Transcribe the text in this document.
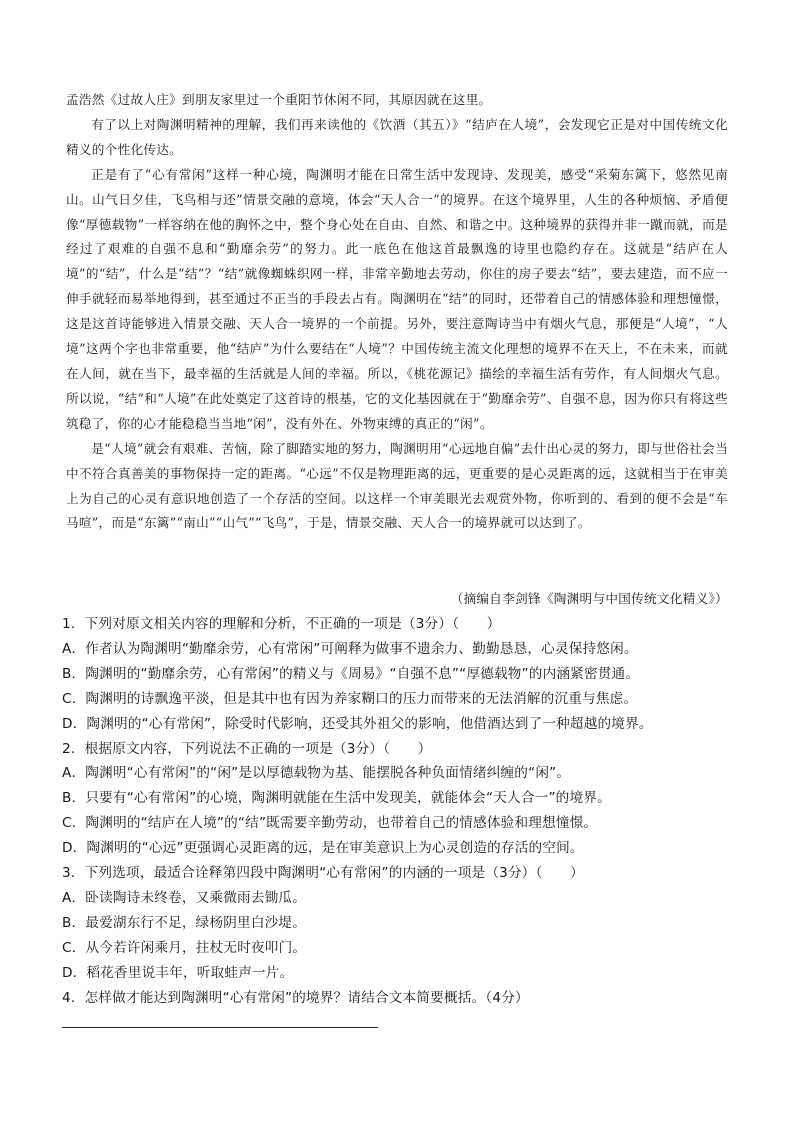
孟浩然《过故人庄》到朋友家里过一个重阳节休闲不同，其原因就在这里。

有了以上对陶渊明精神的理解，我们再来读他的《饮酒（其五）》“结庐在人境”，会发现它正是对中国传统文化精义的个性化传达。

正是有了“心有常闲”这样一种心境，陶渊明才能在日常生活中发现诗、发现美，感受“采菊东篱下，悠然见南山。山气日夕佳，飞鸟相与还”情景交融的意境，体会“天人合一”的境界。在这个境界里，人生的各种烦恼、矛盾便像“厚德载物”一样容纳在他的胸怀之中，整个身心处在自由、自然、和谐之中。这种境界的获得并非一蹴而就，而是经过了艰难的自强不息和“勤靡余劳”的努力。此一底色在他这首最飘逸的诗里也隐约存在。这就是“结庐在人境”的“结”，什么是“结”？“结”就像蜘蛛织网一样，非常辛勤地去劳动，你住的房子要去“结”，要去建造，而不应一伸手就轻而易举地得到，甚至通过不正当的手段去占有。陶渊明在“结”的同时，还带着自己的情感体验和理想憧憬，这是这首诗能够进入情景交融、天人合一境界的一个前提。另外，要注意陶诗当中有烟火气息，那便是“人境”，“人境”这两个字也非常重要，他“结庐”为什么要结在“人境”？中国传统主流文化理想的境界不在天上，不在未来，而就在人间，就在当下，最幸福的生活就是人间的幸福。所以，《桃花源记》描绘的幸福生活有劳作，有人间烟火气息。所以说，“结”和“人境”在此处奠定了这首诗的根基，它的文化基因就在于“勤靡余劳”、自强不息，因为你只有将这些筑稳了，你的心才能稳稳当当地“闲”，没有外在、外物束缚的真正的“闲”。

是“人境”就会有艰难、苦恼，除了脚踏实地的努力，陶渊明用“心远地自偏”去什出心灵的努力，即与世俗社会当中不符合真善美的事物保持一定的距离。“心远”不仅是物理距离的远，更重要的是心灵距离的远，这就相当于在审美上为自己的心灵有意识地创造了一个存活的空间。以这样一个审美眼光去观赏外物，你听到的、看到的便不会是“车马喧”，而是“东篱”“南山”“山气”“飞鸟”，于是，情景交融、天人合一的境界就可以达到了。

（摘编自李剑锋《陶渊明与中国传统文化精义》）
1．下列对原文相关内容的理解和分析，不正确的一项是（3分）（　　）
A．作者认为陶渊明“勤靡余劳，心有常闲”可阐释为做事不遗余力、勤勤恳恳，心灵保持悠闲。
B．陶渊明的“勤靡余劳，心有常闲”的精义与《周易》“自强不息”“厚德载物”的内涵紧密贯通。
C．陶渊明的诗飘逸平淡，但是其中也有因为养家糊口的压力而带来的无法消解的沉重与焦虑。
D．陶渊明的“心有常闲”，除受时代影响，还受其外祖父的影响，他借酒达到了一种超越的境界。
2．根据原文内容，下列说法不正确的一项是（3分）（　　）
A．陶渊明“心有常闲”的“闲”是以厚德载物为基、能摆脱各种负面情绪纠缠的“闲”。
B．只要有“心有常闲”的心境，陶渊明就能在生活中发现美，就能体会“天人合一”的境界。
C．陶渊明的“结庐在人境”的“结”既需要辛勤劳动，也带着自己的情感体验和理想憧憬。
D．陶渊明的“心远”更强调心灵距离的远，是在审美意识上为心灵创造的存活的空间。
3．下列选项，最适合诠释第四段中陶渊明“心有常闲”的内涵的一项是（3分）（　　）
A．卧读陶诗未终卷，又乘微雨去锄瓜。
B．最爱湖东行不足，绿杨阴里白沙堤。
C．从今若许闲乘月，拄杖无时夜叩门。
D．稻花香里说丰年，听取蛙声一片。
4．怎样做才能达到陶渊明“心有常闲”的境界？请结合文本简要概括。（4分）
